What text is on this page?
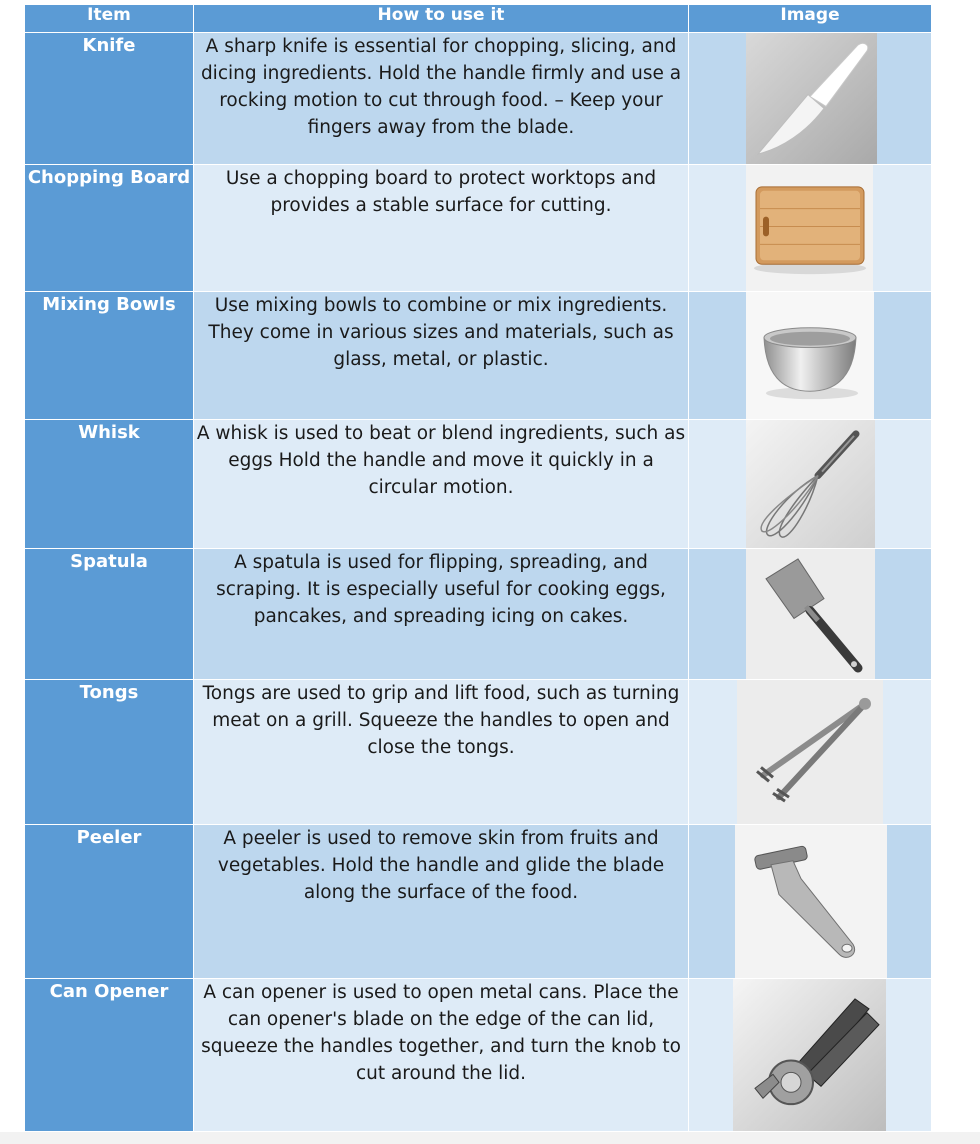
Item	How to use it	Image
Knife	A sharp knife is essential for chopping, slicing, and dicing ingredients. Hold the handle firmly and use a rocking motion to cut through food. – Keep your fingers away from the blade.	

Chopping Board	Use a chopping board to protect worktops and provides a stable surface for cutting.	

Mixing Bowls	Use mixing bowls to combine or mix ingredients. They come in various sizes and materials, such as glass, metal, or plastic.	

Whisk	A whisk is used to beat or blend ingredients, such as eggs Hold the handle and move it quickly in a circular motion.	

Spatula	A spatula is used for flipping, spreading, and scraping. It is especially useful for cooking eggs, pancakes, and spreading icing on cakes.	

Tongs	Tongs are used to grip and lift food, such as turning meat on a grill. Squeeze the handles to open and close the tongs.	

Peeler	A peeler is used to remove skin from fruits and vegetables. Hold the handle and glide the blade along the surface of the food.	

Can Opener	A can opener is used to open metal cans. Place the can opener's blade on the edge of the can lid, squeeze the handles together, and turn the knob to cut around the lid.	
